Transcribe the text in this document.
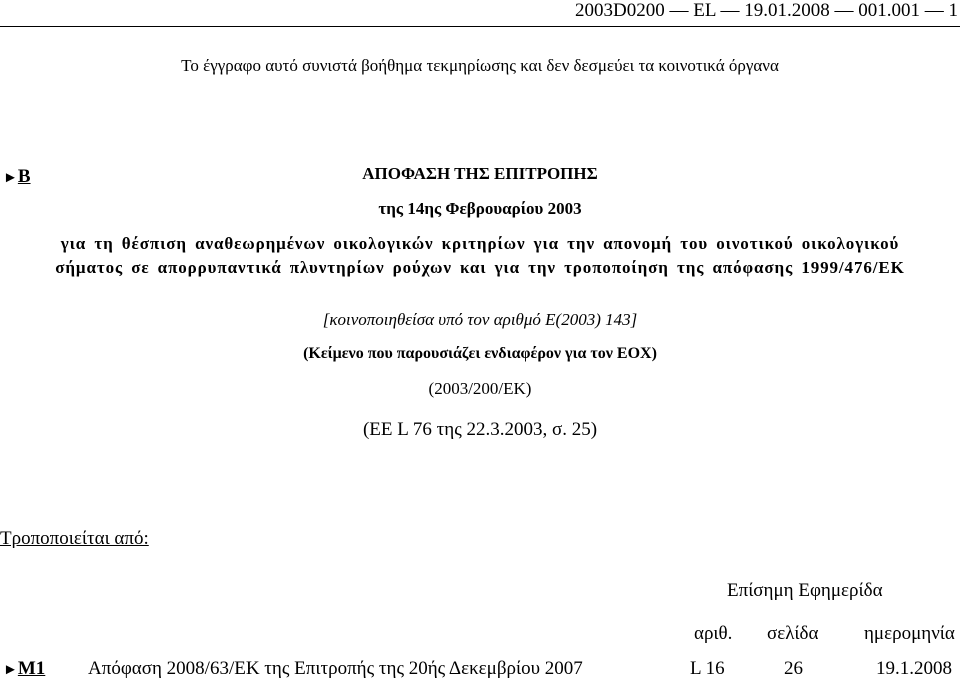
2003D0200 — EL — 19.01.2008 — 001.001 — 1
Το έγγραφο αυτό συνιστά βοήθημα τεκμηρίωσης και δεν δεσμεύει τα κοινοτικά όργανα
►B	ΑΠΟΦΑΣΗ ΤΗΣ ΕΠΙΤΡΟΠΗΣ
της 14ης Φεβρουαρίου 2003
για τη θέσπιση αναθεωρημένων οικολογικών κριτηρίων για την απονομή του οινοτικού οικολογικού σήματος σε απορρυπαντικά πλυντηρίων ρούχων και για την τροποποίηση της απόφασης 1999/476/ΕΚ
[κοινοποιηθείσα υπό τον αριθμό Ε(2003) 143]
(Κείμενο που παρουσιάζει ενδιαφέρον για τον ΕΟΧ)
(2003/200/ΕΚ)
(ΕΕ L 76 της 22.3.2003, σ. 25)
Τροποποιείται από:
Επίσημη Εφημερίδα
αριθ. σελίδα ημερομηνία
►M1 Απόφαση 2008/63/ΕΚ της Επιτροπής της 20ής Δεκεμβρίου 2007	L 16	26	19.1.2008
